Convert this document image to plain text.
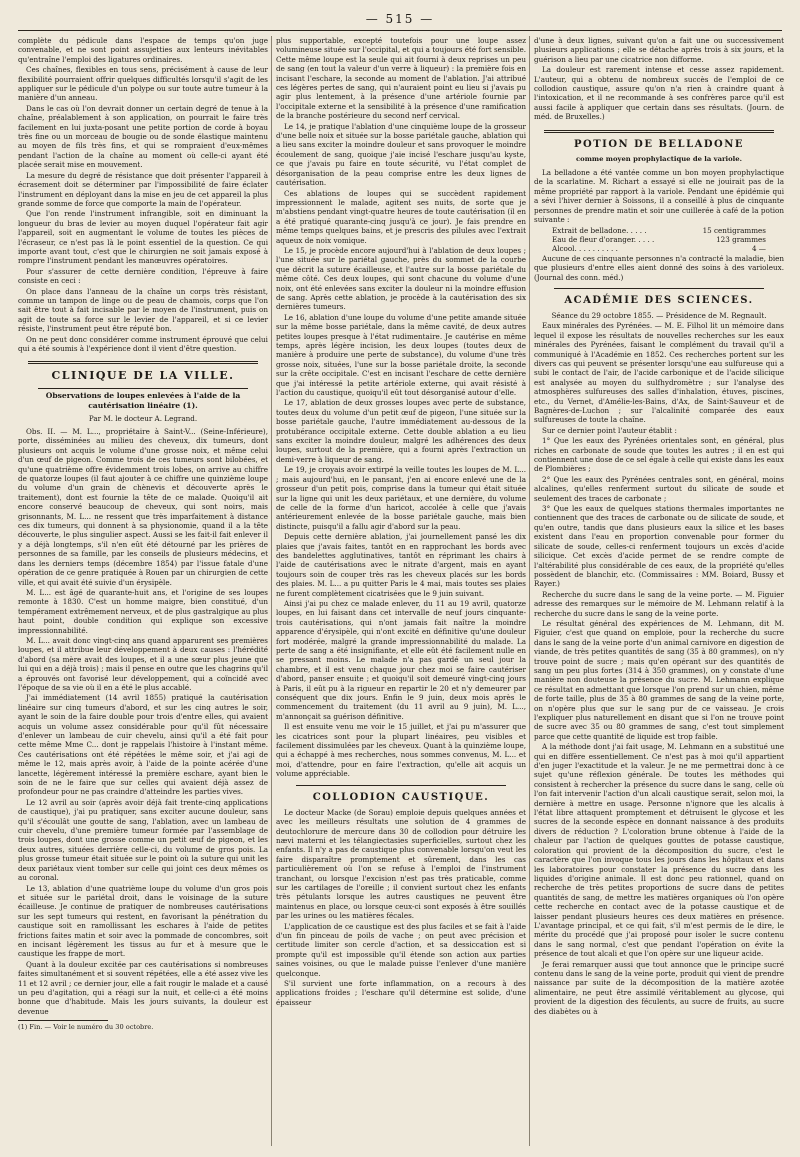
— 515 —

complète du pédicule dans l'espace de temps qu'on juge convenable, et ne sont point assujetties aux lenteurs inévitables qu'entraîne l'emploi des ligatures ordinaires.

Ces chaînes, flexibles en tous sens, précisément à cause de leur flexibilité pourraient offrir quelques difficultés lorsqu'il s'agit de les appliquer sur le pédicule d'un polype ou sur toute autre tumeur à la manière d'un anneau.

Dans le cas où l'on devrait donner un certain degré de tenue à la chaîne, préalablement à son application, on pourrait le faire très facilement en lui juxta-posant une petite portion de corde à boyau très fine ou un morceau de bougie ou de sonde élastique maintenu au moyen de fils très fins, et qui se rompraient d'eux-mêmes pendant l'action de la chaîne au moment où celle-ci ayant été placée serait mise en mouvement.

La mesure du degré de résistance que doit présenter l'appareil à écrasement doit se déterminer par l'impossibilité de faire éclater l'instrument en déployant dans la mise en jeu de cet appareil la plus grande somme de force que comporte la main de l'opérateur.

Que l'on rende l'instrument infrangible, soit en diminuant la longueur du bras de levier au moyen duquel l'opérateur fait agir l'appareil, soit en augmentant le volume de toutes les pièces de l'écraseur, ce n'est pas là le point essentiel de la question. Ce qui importe avant tout, c'est que le chirurgien ne soit jamais exposé à rompre l'instrument pendant les manœuvres opératoires.

Pour s'assurer de cette dernière condition, l'épreuve à faire consiste en ceci :

On place dans l'anneau de la chaîne un corps très résistant, comme un tampon de linge ou de peau de chamois, corps que l'on sait être tout à fait incisable par le moyen de l'instrument, puis on agit de toute sa force sur le levier de l'appareil, et si ce levier résiste, l'instrument peut être réputé bon.

On ne peut donc considérer comme instrument éprouvé que celui qui a été soumis à l'expérience dont il vient d'être question.

CLINIQUE DE LA VILLE.
Observations de loupes enlevées à l'aide de la cautérisation linéaire (1).
Par M. le docteur A. Legrand.

Obs. II. — M. L..., propriétaire à Saint-V... (Seine-Inférieure), porte, disséminées au milieu des cheveux, dix tumeurs, dont plusieurs ont acquis le volume d'une grosse noix, et même celui d'un œuf de pigeon. Comme trois de ces tumeurs sont bilobées, et qu'une quatrième offre évidemment trois lobes, on arrive au chiffre de quatorze loupes (il faut ajouter à ce chiffre une quinzième loupe du volume d'un grain de chènevis et découverte après le traitement), dont est fournie la tête de ce malade. Quoiqu'il ait encore conservé beaucoup de cheveux, qui sont noirs, mais grisonnants, M. L... ne ressent que très imparfaitement à distance ces dix tumeurs, qui donnent à sa physionomie, quand il a la tête découverte, le plus singulier aspect. Aussi se les fait-il fait enlever il y a déjà longtemps, s'il n'en eût été détourné par les prières de personnes de sa famille, par les conseils de plusieurs médecins, et dans les derniers temps (décembre 1854) par l'issue fatale d'une opération de ce genre pratiquée à Rouen par un chirurgien de cette ville, et qui avait été suivie d'un érysipèle.

M. L... est âgé de quarante-huit ans, et l'origine de ses loupes remonte à 1830. C'est un homme maigre, bien constitué, d'un tempérament extrêmement nerveux, et de plus gastralgique au plus haut point, double condition qui explique son excessive impressionnabilité.

M. L... avait donc vingt-cinq ans quand apparurent ses premières loupes, et il attribue leur développement à deux causes : l'hérédité d'abord (sa mère avait des loupes, et il a une sœur plus jeune que lui qui en a déjà trois) ; mais il pense en outre que les chagrins qu'il a éprouvés ont favorisé leur développement, qui a coïncidé avec l'époque de sa vie où il en a été le plus accablé.

J'ai immédiatement (14 avril 1855) pratiqué la cautérisation linéaire sur cinq tumeurs d'abord, et sur les cinq autres le soir, ayant le soin de la faire double pour trois d'entre elles, qui avaient acquis un volume assez considérable pour qu'il fût nécessaire d'enlever un lambeau de cuir chevelu, ainsi qu'il a été fait pour cette même Mme C... dont je rappelais l'histoire à l'instant même. Ces cautérisations ont été répétées le même soir, et j'ai agi de même le 12, mais après avoir, à l'aide de la pointe acérée d'une lancette, légèrement intéressé la première eschare, ayant bien le soin de ne le faire que sur celles qui avaient déjà assez de profondeur pour ne pas craindre d'atteindre les parties vives.

Le 12 avril au soir (après avoir déjà fait trente-cinq applications de caustique), j'ai pu pratiquer, sans exciter aucune douleur, sans qu'il s'écoulât une goutte de sang, l'ablation, avec un lambeau de cuir chevelu, d'une première tumeur formée par l'assemblage de trois loupes, dont une grosse comme un petit œuf de pigeon, et les deux autres, situées derrière celle-ci, du volume de gros pois. La plus grosse tumeur était située sur le point où la suture qui unit les deux pariétaux vient tomber sur celle qui joint ces deux mêmes os au coronal.

Le 13, ablation d'une quatrième loupe du volume d'un gros pois et située sur le pariétal droit, dans le voisinage de la suture écailleuse. Je continue de pratiquer de nombreuses cautérisations sur les sept tumeurs qui restent, en favorisant la pénétration du caustique soit en ramollissant les eschares à l'aide de petites frictions faites matin et soir avec la pommade de concombres, soit en incisant légèrement les tissus au fur et à mesure que le caustique les frappe de mort.

Quant à la douleur excitée par ces cautérisations si nombreuses faites simultanément et si souvent répétées, elle a été assez vive les 11 et 12 avril ; ce dernier jour, elle a fait rougir le malade et a causé un peu d'agitation, qui a réagi sur la nuit, et celle-ci a été moins bonne que d'habitude. Mais les jours suivants, la douleur est devenue

(1) Fin. — Voir le numéro du 30 octobre.

plus supportable, excepté toutefois pour une loupe assez volumineuse située sur l'occipital, et qui a toujours été fort sensible. Cette même loupe est la seule qui ait fourni à deux reprises un peu de sang (en tout la valeur d'un verre à liqueur) : la première fois en incisant l'eschare, la seconde au moment de l'ablation. J'ai attribué ces légères pertes de sang, qui n'auraient point eu lieu si j'avais pu agir plus lentement, à la présence d'une artériole fournie par l'occipitale externe et la sensibilité à la présence d'une ramification de la branche postérieure du second nerf cervical.

Le 14, je pratique l'ablation d'une cinquième loupe de la grosseur d'une belle noix et située sur la bosse pariétale gauche, ablation qui a lieu sans exciter la moindre douleur et sans provoquer le moindre écoulement de sang, quoique j'aie incisé l'eschare jusqu'au kyste, ce que j'avais pu faire en toute sécurité, vu l'état complet de désorganisation de la peau comprise entre les deux lignes de cautérisation.

Ces ablations de loupes qui se succèdent rapidement impressionnent le malade, agitent ses nuits, de sorte que je m'abstiens pendant vingt-quatre heures de toute cautérisation (il en a été pratiqué quarante-cinq jusqu'à ce jour). Je fais prendre en même temps quelques bains, et je prescris des pilules avec l'extrait aqueux de noix vomique.

Le 15, je procède encore aujourd'hui à l'ablation de deux loupes ; l'une située sur le pariétal gauche, près du sommet de la courbe que décrit la suture écailleuse, et l'autre sur la bosse pariétale du même côté. Ces deux loupes, qui sont chacune du volume d'une noix, ont été enlevées sans exciter la douleur ni la moindre effusion de sang. Après cette ablation, je procède à la cautérisation des six dernières tumeurs.

Le 16, ablation d'une loupe du volume d'une petite amande située sur la même bosse pariétale, dans la même cavité, de deux autres petites loupes presque à l'état rudimentaire. Je cautérise en même temps, après légère incision, les deux loupes (toutes deux de manière à produire une perte de substance), du volume d'une très grosse noix, situées, l'une sur la bosse pariétale droite, la seconde sur la crête occipitale. C'est en incisant l'eschare de cette dernière que j'ai intéressé la petite artériole externe, qui avait résisté à l'action du caustique, quoiqu'il eût tout désorganisé autour d'elle.

Le 17, ablation de deux grosses loupes avec perte de substance, toutes deux du volume d'un petit œuf de pigeon, l'une située sur la bosse pariétale gauche, l'autre immédiatement au-dessous de la protubérance occipitale externe. Cette double ablation a eu lieu sans exciter la moindre douleur, malgré les adhérences des deux loupes, surtout de la première, qui a fourni après l'extraction un demi-verre à liqueur de sang.

Le 19, je croyais avoir extirpé la veille toutes les loupes de M. L... ; mais aujourd'hui, en le pansant, j'en ai encore enlevé une de la grosseur d'un petit pois, comprise dans la tumeur qui était située sur la ligne qui unit les deux pariétaux, et une dernière, du volume de celle de la forme d'un haricot, accolée à celle que j'avais antérieurement enlevée de la bosse pariétale gauche, mais bien distincte, puisqu'il a fallu agir d'abord sur la peau.

Depuis cette dernière ablation, j'ai journellement pansé les dix plaies que j'avais faites, tantôt en en rapprochant les bords avec des bandelettes agglutinatives, tantôt en réprimant les chairs à l'aide de cautérisations avec le nitrate d'argent, mais en ayant toujours soin de couper très ras les cheveux placés sur les bords des plaies. M. L... a pu quitter Paris le 4 mai, mais toutes ses plaies ne furent complètement cicatrisées que le 9 juin suivant.

Ainsi j'ai pu chez ce malade enlever, du 11 au 19 avril, quatorze loupes, en lui faisant dans cet intervalle de neuf jours cinquante-trois cautérisations, qui n'ont jamais fait naître la moindre apparence d'érysipèle, qui n'ont excité en définitive qu'une douleur fort modérée, malgré la grande impressionnabilité du malade. La perte de sang a été insignifiante, et elle eût été facilement nulle en se pressant moins. Le malade n'a pas gardé un seul jour la chambre, et il est venu chaque jour chez moi se faire cautériser d'abord, panser ensuite ; et quoiqu'il soit demeuré vingt-cinq jours à Paris, il eût pu à la rigueur en repartir le 20 et n'y demeurer par conséquent que dix jours. Enfin le 9 juin, deux mois après le commencement du traitement (du 11 avril au 9 juin), M. L..., m'annonçait sa guérison définitive.

Il est ensuite venu me voir le 15 juillet, et j'ai pu m'assurer que les cicatrices sont pour la plupart linéaires, peu visibles et facilement dissimulées par les cheveux. Quant à la quinzième loupe, qui a échappé à mes recherches, nous sommes convenus, M. L... et moi, d'attendre, pour en faire l'extraction, qu'elle ait acquis un volume appréciable.

COLLODION CAUSTIQUE.

Le docteur Macke (de Sorau) emploie depuis quelques années et avec les meilleurs résultats une solution de 4 grammes de deutochlorure de mercure dans 30 de collodion pour détruire les nævi materni et les télangiectasies superficielles, surtout chez les enfants. Il n'y a pas de caustique plus convenable lorsqu'on veut les faire disparaître promptement et sûrement, dans les cas particulièrement où l'on se refuse à l'emploi de l'instrument tranchant, ou lorsque l'excision n'est pas très praticable, comme sur les cartilages de l'oreille ; il convient surtout chez les enfants très pétulants lorsque les autres caustiques ne peuvent être maintenus en place, ou lorsque ceux-ci sont exposés à être souillés par les urines ou les matières fécales.

L'application de ce caustique est des plus faciles et se fait à l'aide d'un fin pinceau de poils de vache ; on peut avec précision et certitude limiter son cercle d'action, et sa dessiccation est si prompte qu'il est impossible qu'il étende son action aux parties saines voisines, ou que le malade puisse l'enlever d'une manière quelconque.

S'il survient une forte inflammation, on a recours à des applications froides ; l'eschare qu'il détermine est solide, d'une épaisseur

d'une à deux lignes, suivant qu'on a fait une ou successivement plusieurs applications ; elle se détache après trois à six jours, et la guérison a lieu par une cicatrice non difforme.

La douleur est rarement intense et cesse assez rapidement. L'auteur, qui a obtenu de nombreux succès de l'emploi de ce collodion caustique, assure qu'on n'a rien à craindre quant à l'intoxication, et il ne recommande à ses confrères parce qu'il est aussi facile à appliquer que certain dans ses résultats. (Journ. de méd. de Bruxelles.)

POTION DE BELLADONE
comme moyen prophylactique de la variole.

La belladone a été vantée comme un bon moyen prophylactique de la scarlatine. M. Richart a essayé si elle ne jouirait pas de la même propriété par rapport à la variole. Pendant une épidémie qui a sévi l'hiver dernier à Soissons, il a conseillé à plus de cinquante personnes de prendre matin et soir une cuillerée à café de la potion suivante :

Extrait de belladone. . . . .	15 centigrammes
Eau de fleur d'oranger. . . . .	123 grammes
Alcool. . . . . . . . . .	4 —

Aucune de ces cinquante personnes n'a contracté la maladie, bien que plusieurs d'entre elles aient donné des soins à des varioleux. (Journal des conn. méd.)

ACADÉMIE DES SCIENCES.

Séance du 29 octobre 1855. — Présidence de M. Regnault.

Eaux minérales des Pyrénées. — M. E. Filhol lit un mémoire dans lequel il expose les résultats de nouvelles recherches sur les eaux minérales des Pyrénées, faisant le complément du travail qu'il a communiqué à l'Académie en 1852. Ces recherches portent sur les divers cas qui peuvent se présenter lorsqu'une eau sulfureuse qui a subi le contact de l'air, de l'acide carbonique et de l'acide silicique est analysée au moyen du sulfhydromètre ; sur l'analyse des atmosphères sulfureuses des salles d'inhalation, étuves, piscines, etc., du Vernet, d'Amélie-les-Bains, d'Ax, de Saint-Sauveur et de Bagnères-de-Luchon ; sur l'alcalinité comparée des eaux sulfureuses de toute la chaîne.

Sur ce dernier point l'auteur établit :

1° Que les eaux des Pyrénées orientales sont, en général, plus riches en carbonate de soude que toutes les autres ; il en est qui contiennent une dose de ce sel égale à celle qui existe dans les eaux de Plombières ;

2° Que les eaux des Pyrénées centrales sont, en général, moins alcalines, qu'elles renferment surtout du silicate de soude et seulement des traces de carbonate ;

3° Que les eaux de quelques stations thermales importantes ne contiennent que des traces de carbonate ou de silicate de soude, et qu'en outre, tandis que dans plusieurs eaux la silice et les bases existent dans l'eau en proportion convenable pour former du silicate de soude, celles-ci renferment toujours un excès d'acide silicique. Cet excès d'acide permet de se rendre compte de l'altérabilité plus considérable de ces eaux, de la propriété qu'elles possèdent de blanchir, etc. (Commissaires : MM. Boiard, Bussy et Rayer.)

Recherche du sucre dans le sang de la veine porte. — M. Figuier adresse des remarques sur le mémoire de M. Lehmann relatif à la recherche du sucre dans le sang de la veine porte.

Le résultat général des expériences de M. Lehmann, dit M. Figuier, c'est que quand on emploie, pour la recherche du sucre dans le sang de la veine porte d'un animal carnivore en digestion de viande, de très petites quantités de sang (35 à 80 grammes), on n'y trouve point de sucre ; mais qu'en opérant sur des quantités de sang un peu plus fortes (314 à 350 grammes), on y constate d'une manière non douteuse la présence du sucre. M. Lehmann explique ce résultat en admettant que lorsque l'on prend sur un chien, même de forte taille, plus de 35 à 80 grammes de sang de la veine porte, on n'opère plus que sur le sang pur de ce vaisseau. Je crois l'expliquer plus naturellement en disant que si l'on ne trouve point de sucre avec 35 ou 80 grammes de sang, c'est tout simplement parce que cette quantité de liquide est trop faible.

A la méthode dont j'ai fait usage, M. Lehmann en a substitué une qui en diffère essentiellement. Ce n'est pas à moi qu'il appartient d'en juger l'exactitude et la valeur. Je ne me permettrai donc à ce sujet qu'une réflexion générale. De toutes les méthodes qui consistent à rechercher la présence du sucre dans le sang, celle où l'on fait intervenir l'action d'un alcali caustique serait, selon moi, la dernière à mettre en usage. Personne n'ignore que les alcalis à l'état libre attaquent promptement et détruisent le glycose et les sucres de la seconde espèce en donnant naissance à des produits divers de réduction ? L'coloration brune obtenue à l'aide de la chaleur par l'action de quelques gouttes de potasse caustique, coloration qui provient de la décomposition du sucre, c'est le caractère que l'on invoque tous les jours dans les hôpitaux et dans les laboratoires pour constater la présence du sucre dans les liquides d'origine animale. Il est donc peu rationnel, quand on recherche de très petites proportions de sucre dans de petites quantités de sang, de mettre les matières organiques où l'on opère cette recherche en contact avec de la potasse caustique et de laisser pendant plusieurs heures ces deux matières en présence. L'avantage principal, et ce qui fait, s'il m'est permis de le dire, le mérite du procédé que j'ai proposé pour isoler le sucre contenu dans le sang normal, c'est que pendant l'opération on évite la présence de tout alcali et que l'on opère sur une liqueur acide.

Je ferai remarquer aussi que tout annonce que le principe sucré contenu dans le sang de la veine porte, produit qui vient de prendre naissance par suite de la décomposition de la matière azotée alimentaire, ne peut être assimilé véritablement au glycose, qui provient de la digestion des féculents, au sucre de fruits, au sucre des diabètes ou à
